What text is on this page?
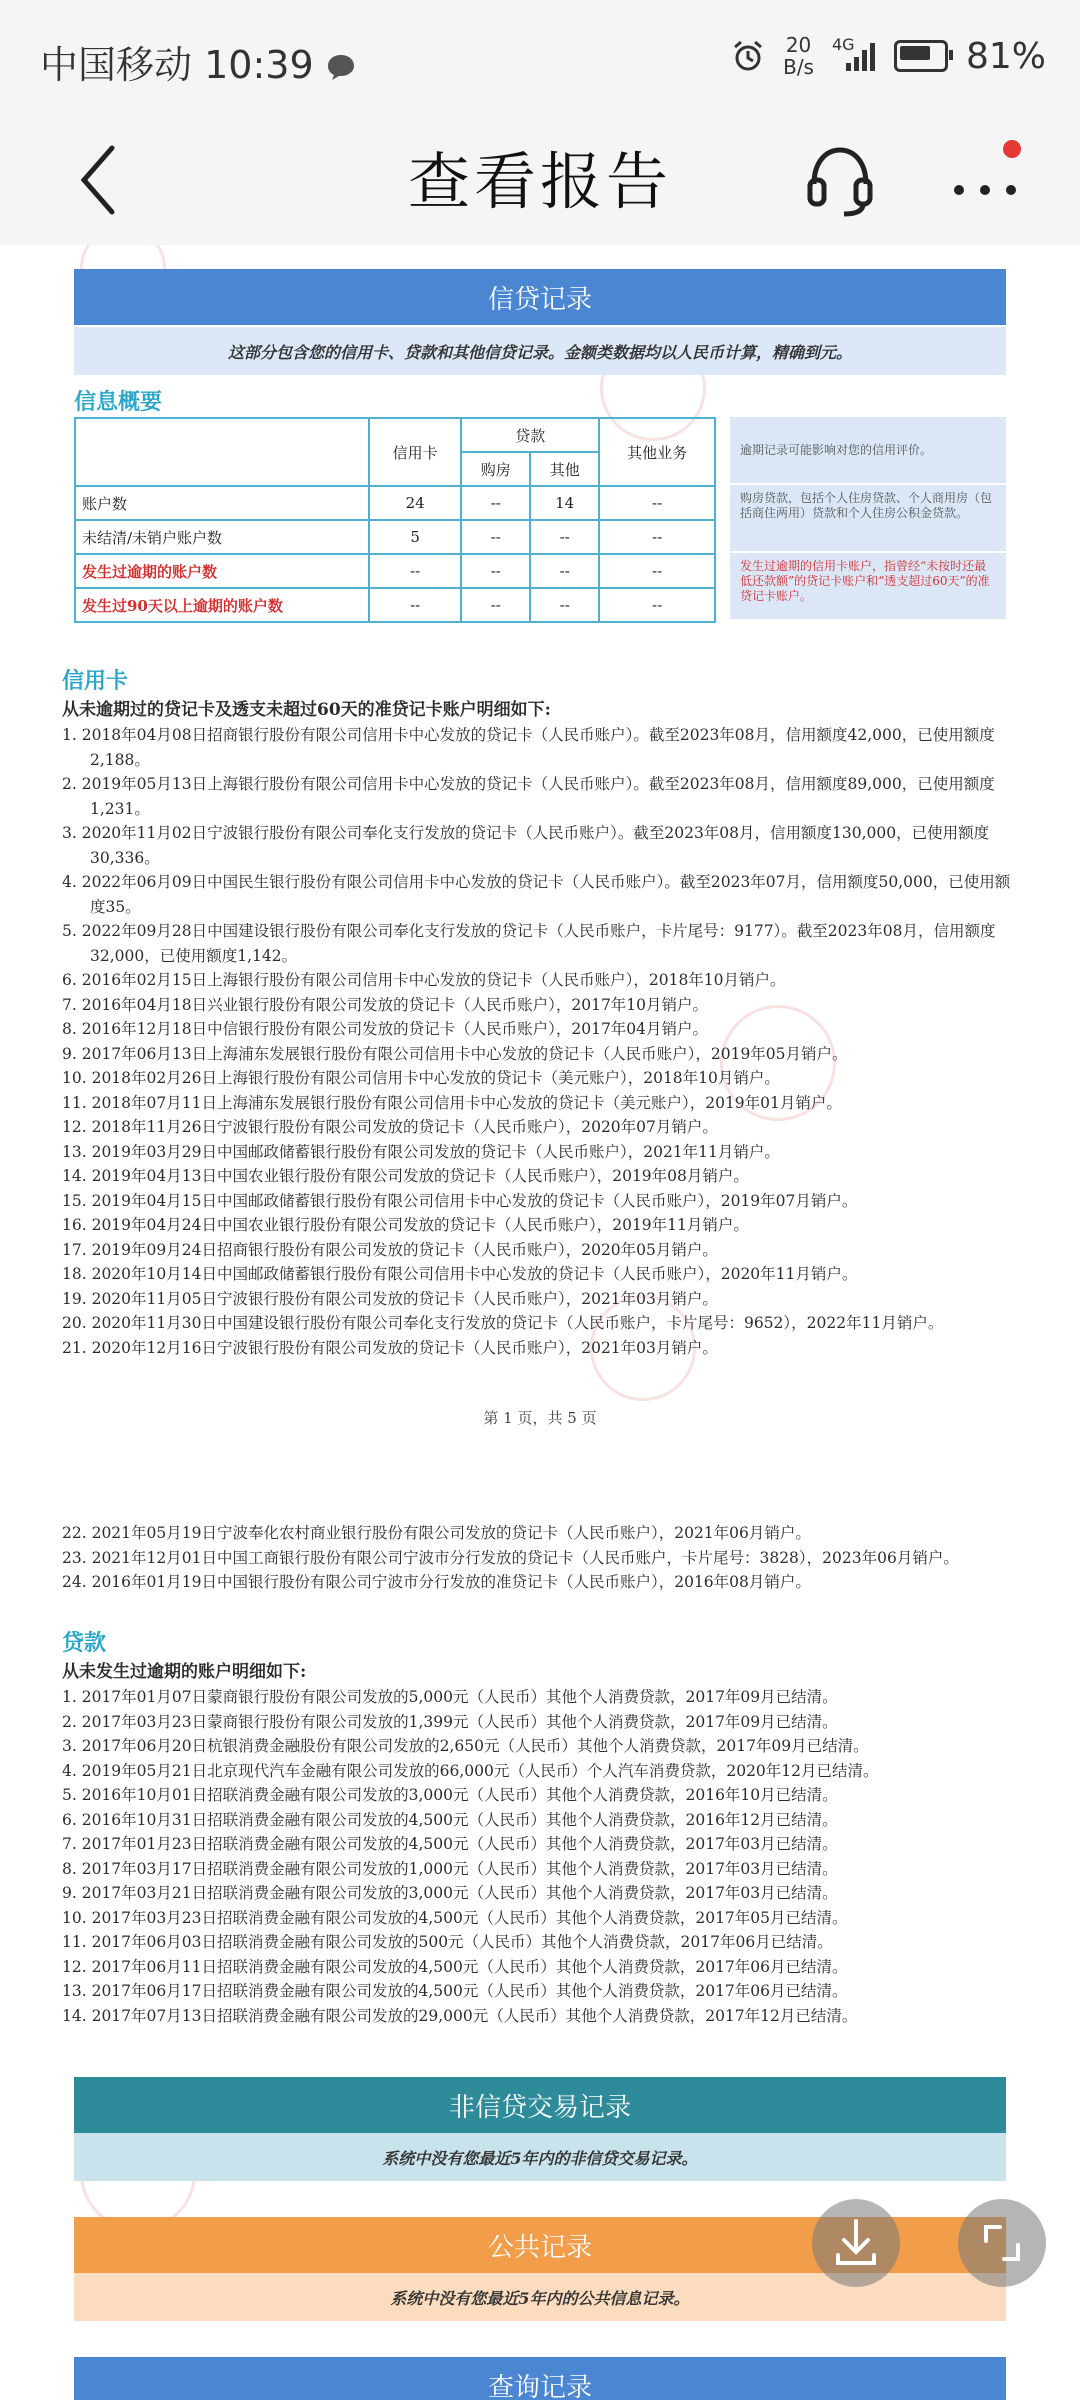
中国移动 10:39	20
B/s
4G	81%
查看报告
信贷记录
这部分包含您的信用卡、贷款和其他信贷记录。金额类数据均以人民币计算，精确到元。
信息概要
	信用卡	贷款		其他业务
		购房	其他	
账户数	24	--	14	--
未结清/未销户账户数	5	--	--	--
发生过逾期的账户数	--	--	--	--
发生过90天以上逾期的账户数	--	--	--	--
逾期记录可能影响对您的信用评价。
购房贷款，包括个人住房贷款、个人商用房（包括商住两用）贷款和个人住房公积金贷款。
发生过逾期的信用卡账户，指曾经“未按时还最低还款额”的贷记卡账户和“透支超过60天”的准贷记卡账户。
信用卡
从未逾期过的贷记卡及透支未超过60天的准贷记卡账户明细如下:
1. 2018年04月08日招商银行股份有限公司信用卡中心发放的贷记卡（人民币账户）。截至2023年08月，信用额度42,000，已使用额度2,188。
2. 2019年05月13日上海银行股份有限公司信用卡中心发放的贷记卡（人民币账户）。截至2023年08月，信用额度89,000，已使用额度1,231。
3. 2020年11月02日宁波银行股份有限公司奉化支行发放的贷记卡（人民币账户）。截至2023年08月，信用额度130,000，已使用额度30,336。
4. 2022年06月09日中国民生银行股份有限公司信用卡中心发放的贷记卡（人民币账户）。截至2023年07月，信用额度50,000，已使用额度35。
5. 2022年09月28日中国建设银行股份有限公司奉化支行发放的贷记卡（人民币账户，卡片尾号：9177）。截至2023年08月，信用额度32,000，已使用额度1,142。
6. 2016年02月15日上海银行股份有限公司信用卡中心发放的贷记卡（人民币账户），2018年10月销户。
7. 2016年04月18日兴业银行股份有限公司发放的贷记卡（人民币账户），2017年10月销户。
8. 2016年12月18日中信银行股份有限公司发放的贷记卡（人民币账户），2017年04月销户。
9. 2017年06月13日上海浦东发展银行股份有限公司信用卡中心发放的贷记卡（人民币账户），2019年05月销户。
10. 2018年02月26日上海银行股份有限公司信用卡中心发放的贷记卡（美元账户），2018年10月销户。
11. 2018年07月11日上海浦东发展银行股份有限公司信用卡中心发放的贷记卡（美元账户），2019年01月销户。
12. 2018年11月26日宁波银行股份有限公司发放的贷记卡（人民币账户），2020年07月销户。
13. 2019年03月29日中国邮政储蓄银行股份有限公司发放的贷记卡（人民币账户），2021年11月销户。
14. 2019年04月13日中国农业银行股份有限公司发放的贷记卡（人民币账户），2019年08月销户。
15. 2019年04月15日中国邮政储蓄银行股份有限公司信用卡中心发放的贷记卡（人民币账户），2019年07月销户。
16. 2019年04月24日中国农业银行股份有限公司发放的贷记卡（人民币账户），2019年11月销户。
17. 2019年09月24日招商银行股份有限公司发放的贷记卡（人民币账户），2020年05月销户。
18. 2020年10月14日中国邮政储蓄银行股份有限公司信用卡中心发放的贷记卡（人民币账户），2020年11月销户。
19. 2020年11月05日宁波银行股份有限公司发放的贷记卡（人民币账户），2021年03月销户。
20. 2020年11月30日中国建设银行股份有限公司奉化支行发放的贷记卡（人民币账户，卡片尾号：9652），2022年11月销户。
21. 2020年12月16日宁波银行股份有限公司发放的贷记卡（人民币账户），2021年03月销户。
第 1 页，共 5 页
22. 2021年05月19日宁波奉化农村商业银行股份有限公司发放的贷记卡（人民币账户），2021年06月销户。
23. 2021年12月01日中国工商银行股份有限公司宁波市分行发放的贷记卡（人民币账户，卡片尾号：3828），2023年06月销户。
24. 2016年01月19日中国银行股份有限公司宁波市分行发放的准贷记卡（人民币账户），2016年08月销户。
贷款
从未发生过逾期的账户明细如下:
1. 2017年01月07日蒙商银行股份有限公司发放的5,000元（人民币）其他个人消费贷款，2017年09月已结清。
2. 2017年03月23日蒙商银行股份有限公司发放的1,399元（人民币）其他个人消费贷款，2017年09月已结清。
3. 2017年06月20日杭银消费金融股份有限公司发放的2,650元（人民币）其他个人消费贷款，2017年09月已结清。
4. 2019年05月21日北京现代汽车金融有限公司发放的66,000元（人民币）个人汽车消费贷款，2020年12月已结清。
5. 2016年10月01日招联消费金融有限公司发放的3,000元（人民币）其他个人消费贷款，2016年10月已结清。
6. 2016年10月31日招联消费金融有限公司发放的4,500元（人民币）其他个人消费贷款，2016年12月已结清。
7. 2017年01月23日招联消费金融有限公司发放的4,500元（人民币）其他个人消费贷款，2017年03月已结清。
8. 2017年03月17日招联消费金融有限公司发放的1,000元（人民币）其他个人消费贷款，2017年03月已结清。
9. 2017年03月21日招联消费金融有限公司发放的3,000元（人民币）其他个人消费贷款，2017年03月已结清。
10. 2017年03月23日招联消费金融有限公司发放的4,500元（人民币）其他个人消费贷款，2017年05月已结清。
11. 2017年06月03日招联消费金融有限公司发放的500元（人民币）其他个人消费贷款，2017年06月已结清。
12. 2017年06月11日招联消费金融有限公司发放的4,500元（人民币）其他个人消费贷款，2017年06月已结清。
13. 2017年06月17日招联消费金融有限公司发放的4,500元（人民币）其他个人消费贷款，2017年06月已结清。
14. 2017年07月13日招联消费金融有限公司发放的29,000元（人民币）其他个人消费贷款，2017年12月已结清。
非信贷交易记录
系统中没有您最近5年内的非信贷交易记录。
公共记录
系统中没有您最近5年内的公共信息记录。
查询记录
